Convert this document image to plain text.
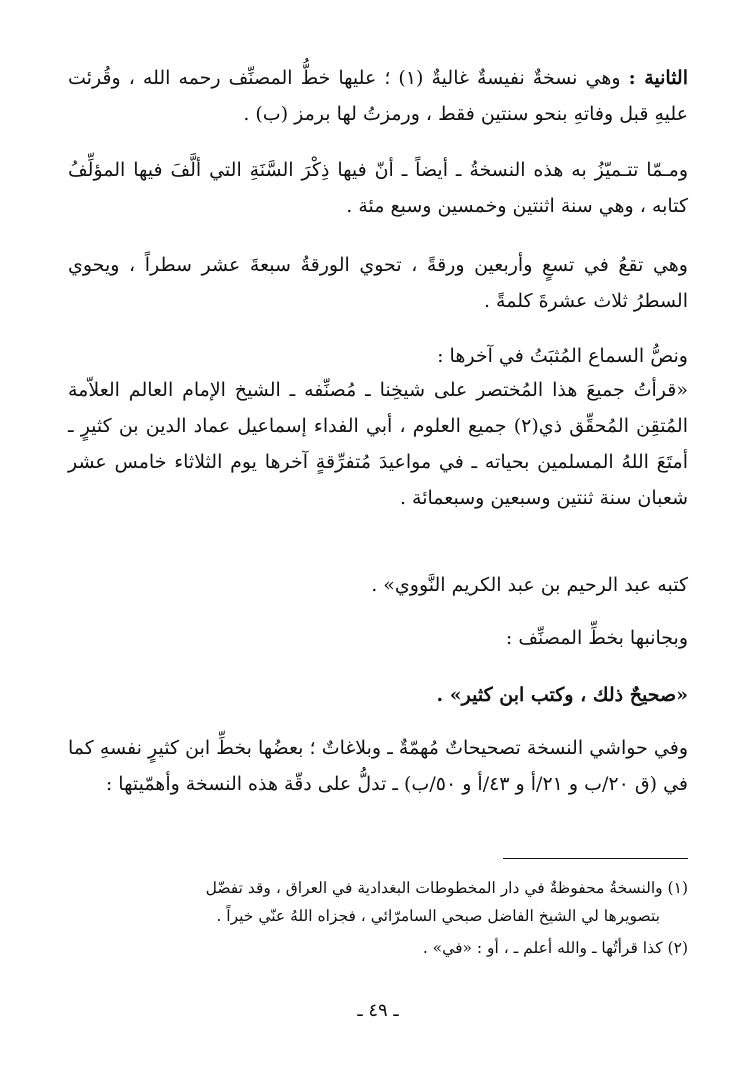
الثانية : وهي نسخةٌ نفيسةٌ غاليةٌ (١) ؛ عليها خطُّ المصنِّف رحمه الله ، وقُرئت عليهِ قبل وفاتهِ بنحو سنتين فقط ، ورمزتُ لها برمز (ب) .

ومـمّا تتـميّزُ به هذه النسخةُ ـ أيضاً ـ أنّ فيها ذِكْرَ السَّنَةِ التي ألَّفَ فيها المؤلِّفُ كتابه ، وهي سنة اثنتين وخمسين وسبع مئة .

وهي تقعُ في تسعٍ وأربعين ورقةً ، تحوي الورقةُ سبعةَ عشر سطراً ، ويحوي السطرُ ثلاث عشرةَ كلمةً .

ونصُّ السماع المُثبَتُ في آخرها :

«قرأتُ جميعَ هذا المُختصر على شيخِنا ـ مُصنِّفه ـ الشيخ الإمام العالم العلاّمة المُتقِن المُحقِّق ذي(٢) جميع العلوم ، أبي الفداء إسماعيل عماد الدين بن كثيرٍ ـ أمتَعَ اللهُ المسلمين بحياته ـ في مواعيدَ مُتفرِّقةٍ آخرها يوم الثلاثاء خامس عشر شعبان سنة ثنتين وسبعين وسبعمائة .

كتبه عبد الرحيم بن عبد الكريم النَّووي» .

وبجانبها بخطِّ المصنِّف :

«صحيحٌ ذلك ، وكتب ابن كثير» .

وفي حواشي النسخة تصحيحاتٌ مُهمّةٌ ـ وبلاغاتٌ ؛ بعضُها بخطِّ ابن كثيرٍ نفسهِ كما في (ق ٢٠/ب و ٢١/أ و ٤٣/أ و ٥٠/ب) ـ تدلُّ على دقّة هذه النسخة وأهمّيتها :

(١) والنسخةُ محفوظةٌ في دار المخطوطات البغدادية في العراق ، وقد تفضّل
بتصويرها لي الشيخ الفاضل صبحي السامرّائي ، فجزاه اللهُ عنّي خيراً .

(٢) كذا قرأتُها ـ والله أعلم ـ ، أو : «في» .

ـ ٤٩ ـ
